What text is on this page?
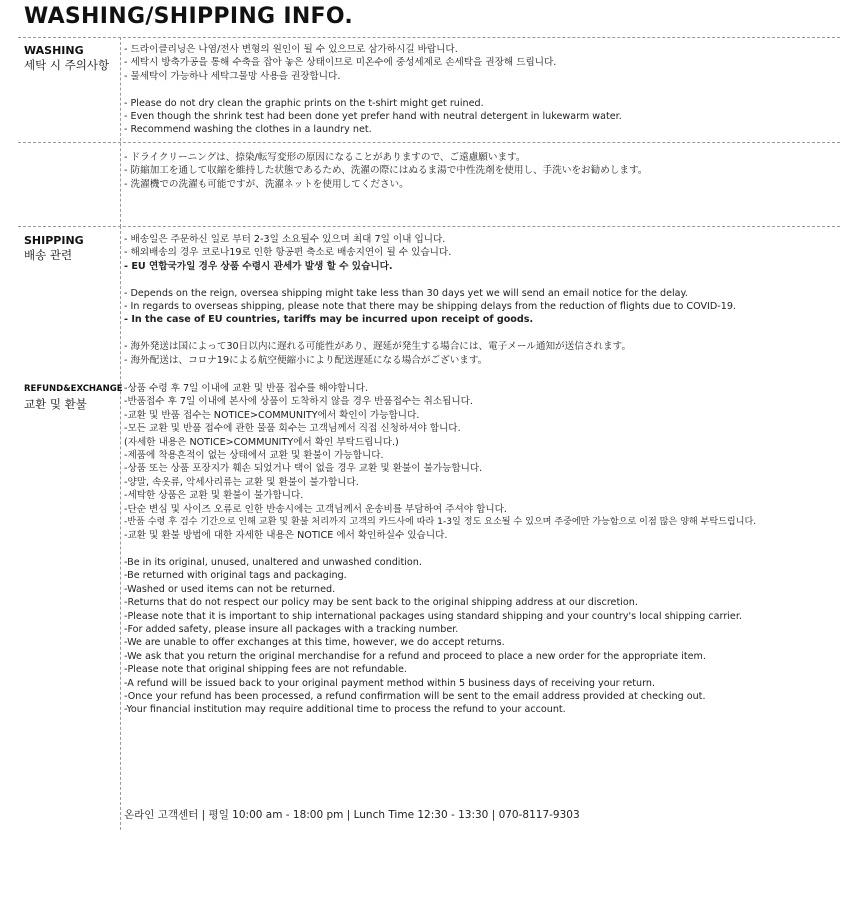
WASHING/SHIPPING INFO.
WASHING
세탁 시 주의사항
- 드라이클리닝은 나염/전사 변형의 원인이 될 수 있으므로 삼가하시길 바랍니다.
- 세탁시 방축가공을 통해 수축을 잡아 놓은 상태이므로 미온수에 중성세제로 손세탁을 권장해 드립니다.
- 물세탁이 가능하나 세탁그물망 사용을 권장합니다.
- Please do not dry clean the graphic prints on the t-shirt might get ruined.
- Even though the shrink test had been done yet prefer hand with neutral detergent in lukewarm water.
- Recommend washing the clothes in a laundry net.
- ドライクリーニングは、捺染/転写変形の原因になることがありますので、ご遠慮願います。
- 防縮加工を通して収縮を維持した状態であるため、洗濯の際にはぬるま湯で中性洗剤を使用し、手洗いをお勧めします。
- 洗濯機での洗濯も可能ですが、洗濯ネットを使用してください。
SHIPPING
배송 관련
- 배송일은 주문하신 일로 부터 2-3일 소요될수 있으며 최대 7일 이내 입니다.
- 해외배송의 경우 코로나19로 인한 항공편 축소로 배송지연이 될 수 있습니다.
- EU 연합국가일 경우 상품 수령시 관세가 발생 할 수 있습니다.
- Depends on the reign, oversea shipping might take less than 30 days yet we will send an email notice for the delay.
- In regards to overseas shipping, please note that there may be shipping delays from the reduction of flights due to COVID-19.
- In the case of EU countries, tariffs may be incurred upon receipt of goods.
- 海外発送は国によって30日以内に遅れる可能性があり、遅延が発生する場合には、電子メール通知が送信されます。
- 海外配送は、コロナ19による航空便縮小により配送遅延になる場合がございます。
REFUND&EXCHANGE
교환 및 환불
-상품 수령 후 7일 이내에 교환 및 반품 접수를 해야합니다.
-반품접수 후 7일 이내에 본사에 상품이 도착하지 않을 경우 반품접수는 취소됩니다.
-교환 및 반품 접수는 NOTICE>COMMUNITY에서 확인이 가능합니다.
-모든 교환 및 반품 접수에 관한 물품 회수는 고객님께서 직접 신청하셔야 합니다.
(자세한 내용은 NOTICE>COMMUNITY에서 확인 부탁드립니다.)
-제품에 착용흔적이 없는 상태에서 교환 및 환불이 가능합니다.
-상품 또는 상품 포장지가 훼손 되었거나 택이 없을 경우 교환 및 환불이 불가능합니다.
-양말, 속옷류, 악세사리류는 교환 및 환불이 불가합니다.
-세탁한 상품은 교환 및 환불이 불가합니다.
-단순 변심 및 사이즈 오류로 인한 반송시에는 고객님께서 운송비를 부담하여 주셔야 합니다.
-반품 수령 후 검수 기간으로 인해 교환 및 환불 처리까지 고객의 카드사에 따라 1-3일 정도 요소될 수 있으며 주중에만 가능함으로 이점 많은 양해 부탁드립니다.
-교환 및 환불 방법에 대한 자세한 내용은 NOTICE 에서 확인하실수 있습니다.
-Be in its original, unused, unaltered and unwashed condition.
-Be returned with original tags and packaging.
-Washed or used items can not be returned.
-Returns that do not respect our policy may be sent back to the original shipping address at our discretion.
-Please note that it is important to ship international packages using standard shipping and your country's local shipping carrier.
-For added safety, please insure all packages with a tracking number.
-We are unable to offer exchanges at this time, however, we do accept returns.
-We ask that you return the original merchandise for a refund and proceed to place a new order for the appropriate item.
-Please note that original shipping fees are not refundable.
-A refund will be issued back to your original payment method within 5 business days of receiving your return.
-Once your refund has been processed, a refund confirmation will be sent to the email address provided at checking out.
-Your financial institution may require additional time to process the refund to your account.
온라인 고객센터 | 평일 10:00 am - 18:00 pm | Lunch Time 12:30 - 13:30 | 070-8117-9303
